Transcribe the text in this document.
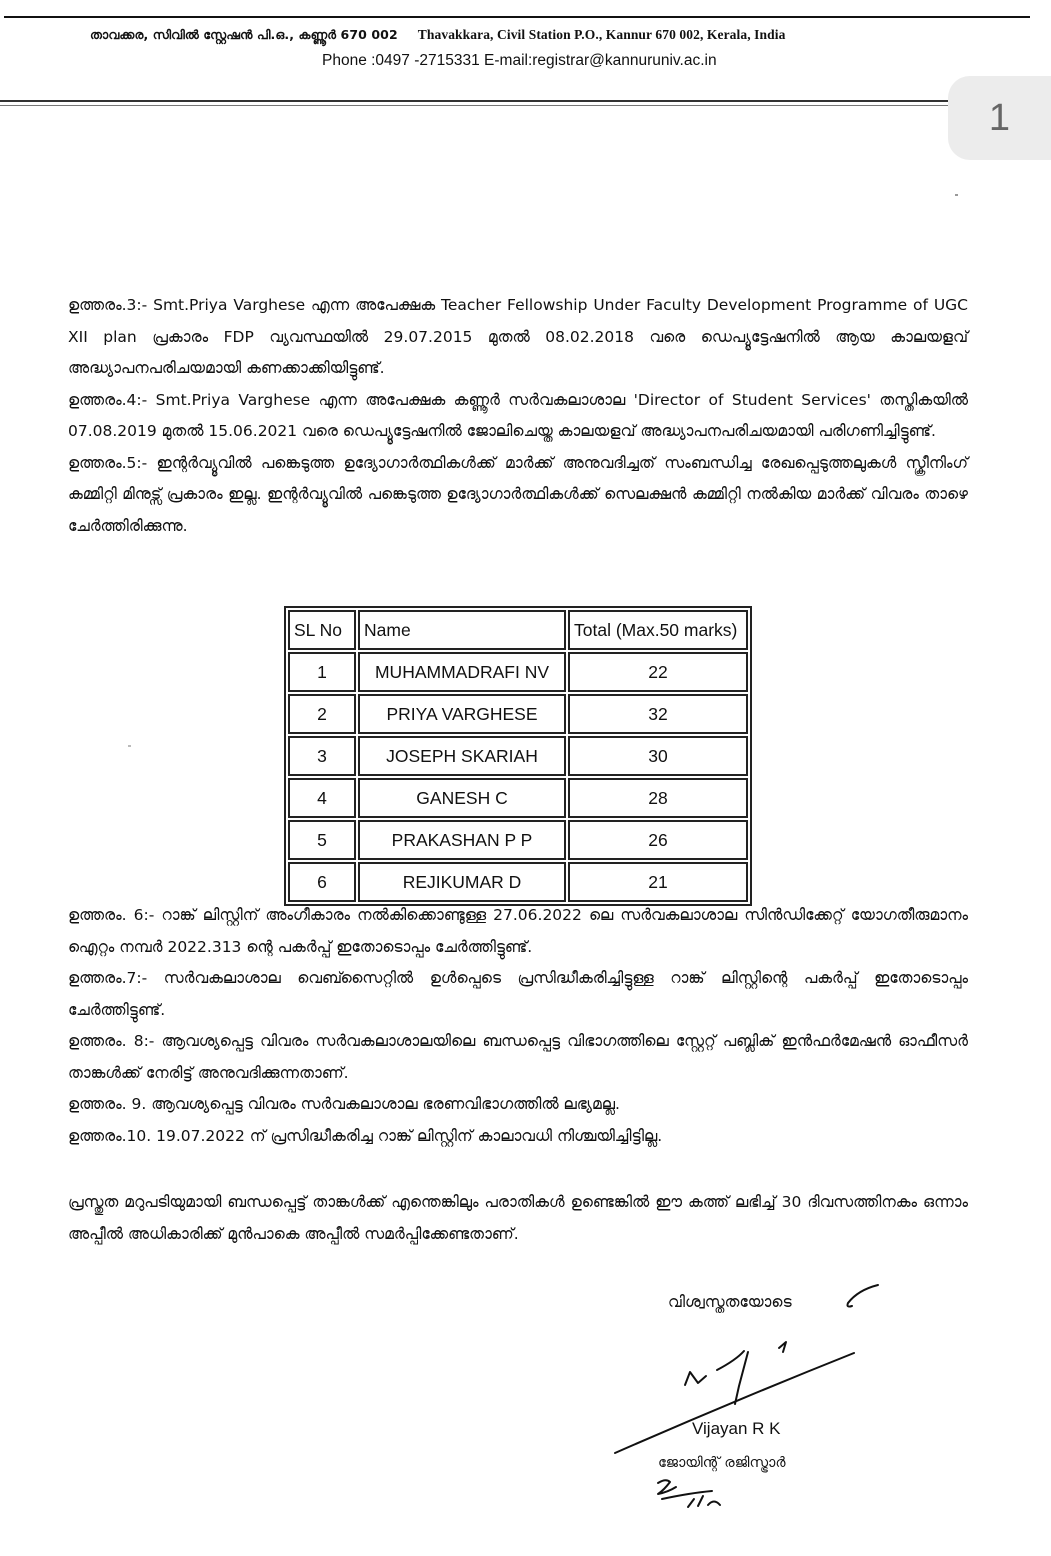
താവക്കര, സിവിൽ സ്റ്റേഷൻ പി.ഒ., കണ്ണൂർ 670 002 Thavakkara, Civil Station P.O., Kannur 670 002, Kerala, India
Phone :0497 -2715331 E-mail:registrar@kannuruniv.ac.in
1

ഉത്തരം.3:- Smt.Priya Varghese എന്ന അപേക്ഷക Teacher Fellowship Under Faculty Development Programme of UGC XII plan പ്രകാരം FDP വ്യവസ്ഥയിൽ 29.07.2015 മുതൽ 08.02.2018 വരെ ഡെപ്യൂട്ടേഷനിൽ ആയ കാലയളവ് അദ്ധ്യാപനപരിചയമായി കണക്കാക്കിയിട്ടുണ്ട്.

ഉത്തരം.4:- Smt.Priya Varghese എന്ന അപേക്ഷക കണ്ണൂർ സർവകലാശാല 'Director of Student Services' തസ്തികയിൽ 07.08.2019 മുതൽ 15.06.2021 വരെ ഡെപ്യൂട്ടേഷനിൽ ജോലിചെയ്ത കാലയളവ് അദ്ധ്യാപനപരിചയമായി പരിഗണിച്ചിട്ടുണ്ട്.

ഉത്തരം.5:- ഇന്റർവ്യൂവിൽ പങ്കെടുത്ത ഉദ്യോഗാർത്ഥികൾക്ക് മാർക്ക് അനുവദിച്ചത് സംബന്ധിച്ച രേഖപ്പെടുത്തലുകൾ സ്ക്രീനിംഗ് കമ്മിറ്റി മിനുട്സ് പ്രകാരം ഇല്ല. ഇന്റർവ്യൂവിൽ പങ്കെടുത്ത ഉദ്യോഗാർത്ഥികൾക്ക് സെലക്ഷൻ കമ്മിറ്റി നൽകിയ മാർക്ക് വിവരം താഴെ ചേർത്തിരിക്കുന്നു.

SL No	Name	Total (Max.50 marks)
1	MUHAMMADRAFI NV	22
2	PRIYA VARGHESE	32
3	JOSEPH SKARIAH	30
4	GANESH C	28
5	PRAKASHAN P P	26
6	REJIKUMAR D	21

ഉത്തരം. 6:- റാങ്ക് ലിസ്റ്റിന് അംഗീകാരം നൽകിക്കൊണ്ടുള്ള 27.06.2022 ലെ സർവകലാശാല സിൻഡിക്കേറ്റ് യോഗതീരുമാനം ഐറ്റം നമ്പർ 2022.313 ന്റെ പകർപ്പ് ഇതോടൊപ്പം ചേർത്തിട്ടുണ്ട്.

ഉത്തരം.7:- സർവകലാശാല വെബ്സൈറ്റിൽ ഉൾപ്പെടെ പ്രസിദ്ധീകരിച്ചിട്ടുള്ള റാങ്ക് ലിസ്റ്റിന്റെ പകർപ്പ് ഇതോടൊപ്പം ചേർത്തിട്ടുണ്ട്.

ഉത്തരം. 8:- ആവശ്യപ്പെട്ട വിവരം സർവകലാശാലയിലെ ബന്ധപ്പെട്ട വിഭാഗത്തിലെ സ്റ്റേറ്റ് പബ്ലിക് ഇൻഫർമേഷൻ ഓഫീസർ താങ്കൾക്ക് നേരിട്ട് അനുവദിക്കുന്നതാണ്.

ഉത്തരം. 9. ആവശ്യപ്പെട്ട വിവരം സർവകലാശാല ഭരണവിഭാഗത്തിൽ ലഭ്യമല്ല.

ഉത്തരം.10. 19.07.2022 ന് പ്രസിദ്ധീകരിച്ച റാങ്ക് ലിസ്റ്റിന് കാലാവധി നിശ്ചയിച്ചിട്ടില്ല.

പ്രസ്തുത മറുപടിയുമായി ബന്ധപ്പെട്ട് താങ്കൾക്ക് എന്തെങ്കിലും പരാതികൾ ഉണ്ടെങ്കിൽ ഈ കത്ത് ലഭിച്ച് 30 ദിവസത്തിനകം ഒന്നാം അപ്പീൽ അധികാരിക്ക് മുൻപാകെ അപ്പീൽ സമർപ്പിക്കേണ്ടതാണ്.

വിശ്വസ്തതയോടെ
Vijayan R K
ജോയിന്റ് രജിസ്ട്രാർ
